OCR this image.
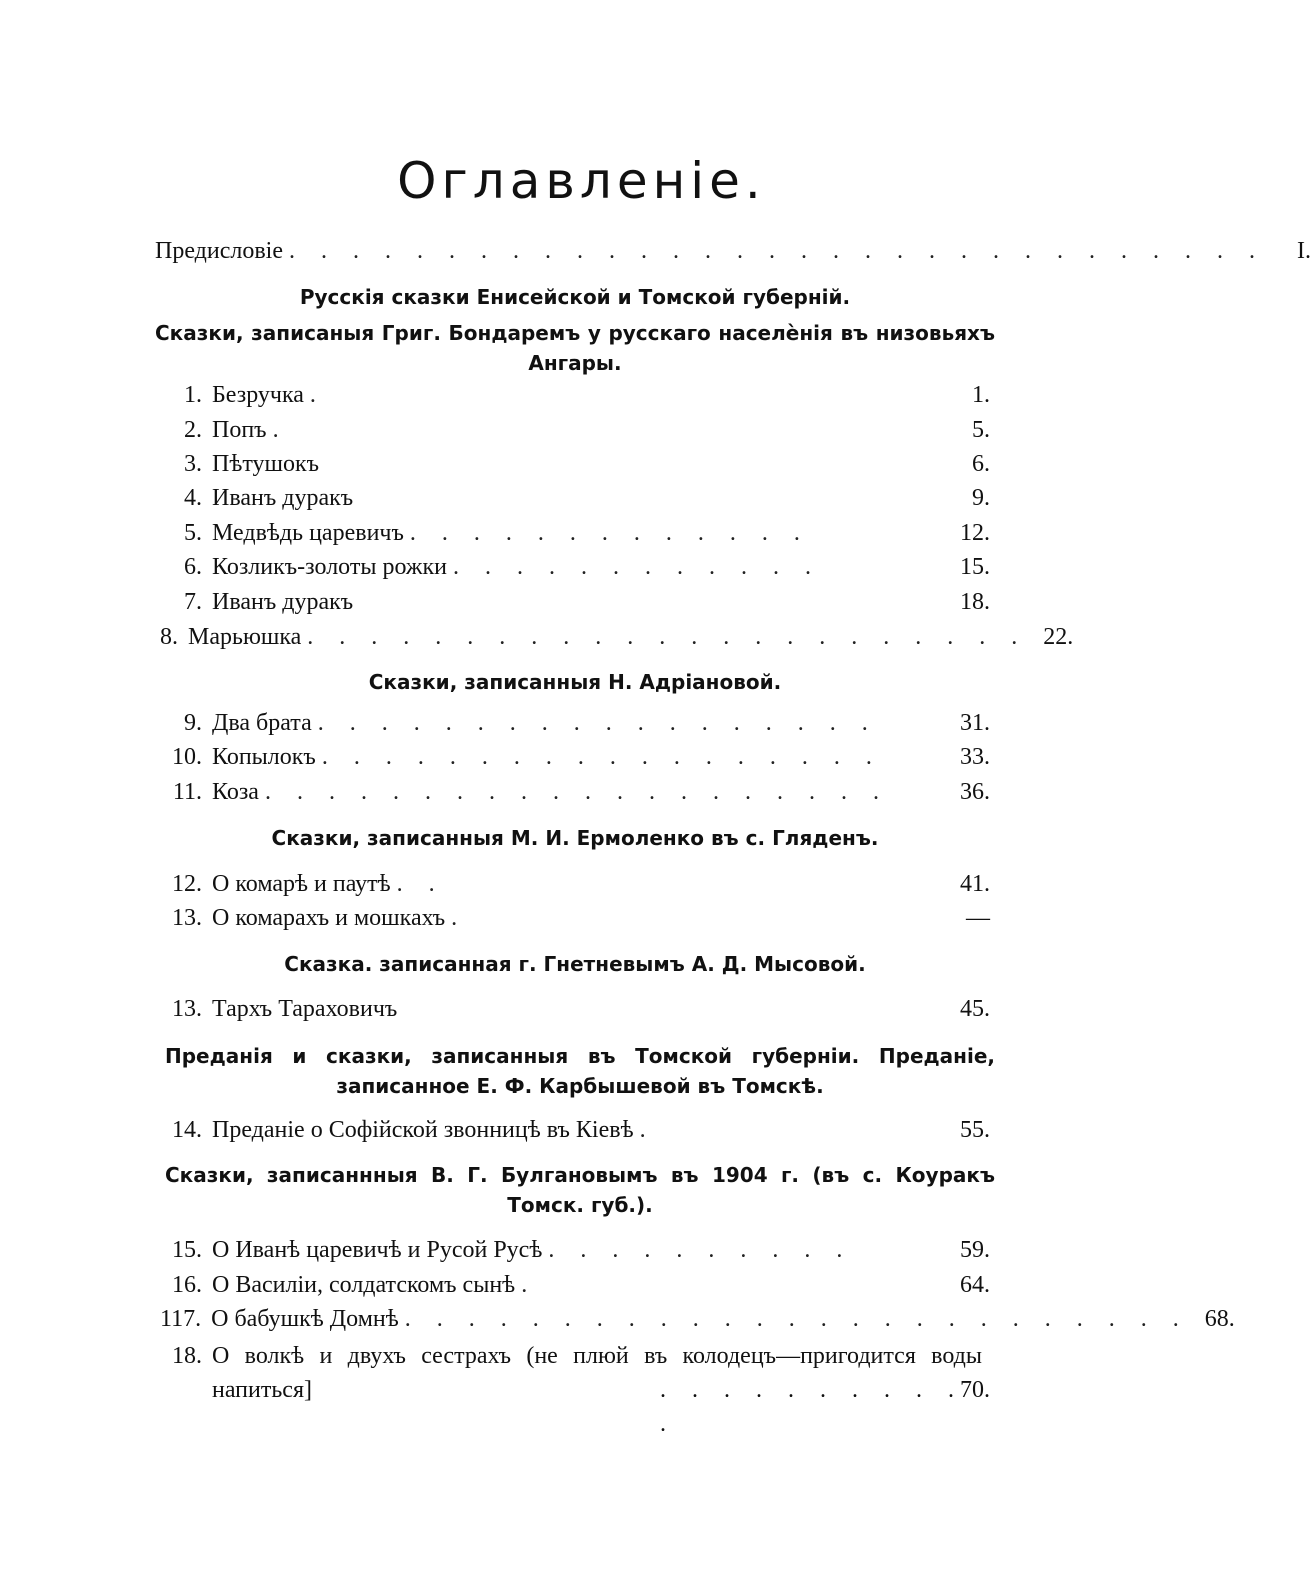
Оглавленіе.
Предисловіе . . . . . . . . . . . . . . . . . . . . . . . . . . . . . . .	I.
Русскія сказки Енисейской и Томской губерній.
Сказки, записаныя Григ. Бондаремъ у русскаго населѐнія въ низовьяхъ Ангары.
1. Безручка .	1.
2. Попъ .	5.
3. Пѣтушокъ	6.
4. Иванъ дуракъ	9.
5. Медвѣдь царевичъ . . . . . . . . . . . . .	12.
6. Козликъ-золоты рожки . . . . . . . . . . . .	15.
7. Иванъ дуракъ	18.
8. Марьюшка . . . . . . . . . . . . . . . . . . . . . . . 22.
Сказки, записанныя Н. Адріановой.
9. Два брата . . . . . . . . . . . . . . . . . .	31.
10. Копылокъ . . . . . . . . . . . . . . . . . .	33.
11. Коза . . . . . . . . . . . . . . . . . . . .	36.
Сказки, записанныя М. И. Ермоленко въ с. Гляденъ.
12. О комарѣ и паутѣ . .	41.
13. О комарахъ и мошкахъ .	—
Сказка. записанная г. Гнетневымъ А. Д. Мысовой.
13. Тархъ Тараховичъ	45.
Преданія и сказки, записанныя въ Томской губерніи. Преданіе, записанное Е. Ф. Карбышевой въ Томскѣ.
14. Преданіе о Софійской звонницѣ въ Кіевѣ .	55.
Сказки, записаннныя В. Г. Булгановымъ въ 1904 г. (въ с. Коуракъ Томск. губ.).
15. О Иванѣ царевичѣ и Русой Русѣ . . . . . . . . . .	59.
16. О Василіи, солдатскомъ сынѣ .	64.
117. О бабушкѣ Домнѣ . . . . . . . . . . . . . . . . . . . . . . . . . 68.
18. О волкѣ и двухъ сестрахъ (не плюй въ колодецъ—пригодится воды напиться]	70.
. . . . . . . . . . .
